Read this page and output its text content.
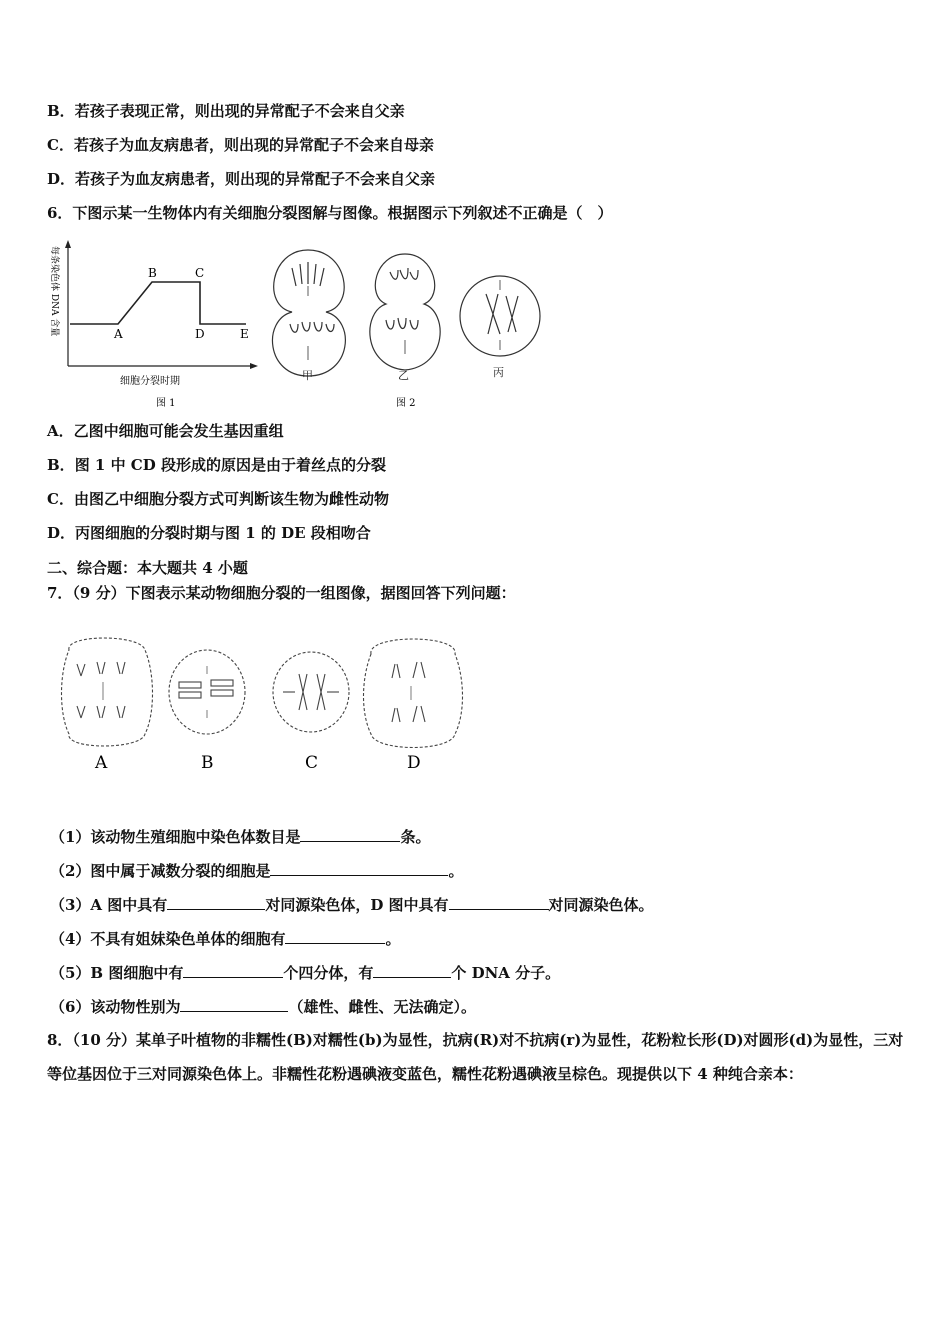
B．若孩子表现正常，则出现的异常配子不会来自父亲
C．若孩子为血友病患者，则出现的异常配子不会来自母亲
D．若孩子为血友病患者，则出现的异常配子不会来自父亲
6．下图示某一生物体内有关细胞分裂图解与图像。根据图示下列叙述不正确是（　）
A
B	C
D	E
每条染色体 DNA 含量
细胞分裂时期
图 1
甲	乙	丙
图 2
A．乙图中细胞可能会发生基因重组
B．图 1 中 CD 段形成的原因是由于着丝点的分裂
C．由图乙中细胞分裂方式可判断该生物为雌性动物
D．丙图细胞的分裂时期与图 1 的 DE 段相吻合
二、综合题：本大题共 4 小题
7．（9 分）下图表示某动物细胞分裂的一组图像，据图回答下列问题：
A	B	C	D
（1）该动物生殖细胞中染色体数目是	条。
（2）图中属于减数分裂的细胞是	。
（3）A 图中具有	对同源染色体，D 图中具有	对同源染色体。
（4）不具有姐妹染色单体的细胞有	。
（5）B 图细胞中有	个四分体，有	个 DNA 分子。
（6）该动物性别为	（雄性、雌性、无法确定）。
8．（10 分）某单子叶植物的非糯性(B)对糯性(b)为显性，抗病(R)对不抗病(r)为显性，花粉粒长形(D)对圆形(d)为显性，三对等位基因位于三对同源染色体上。非糯性花粉遇碘液变蓝色，糯性花粉遇碘液呈棕色。现提供以下 4 种纯合亲本：
